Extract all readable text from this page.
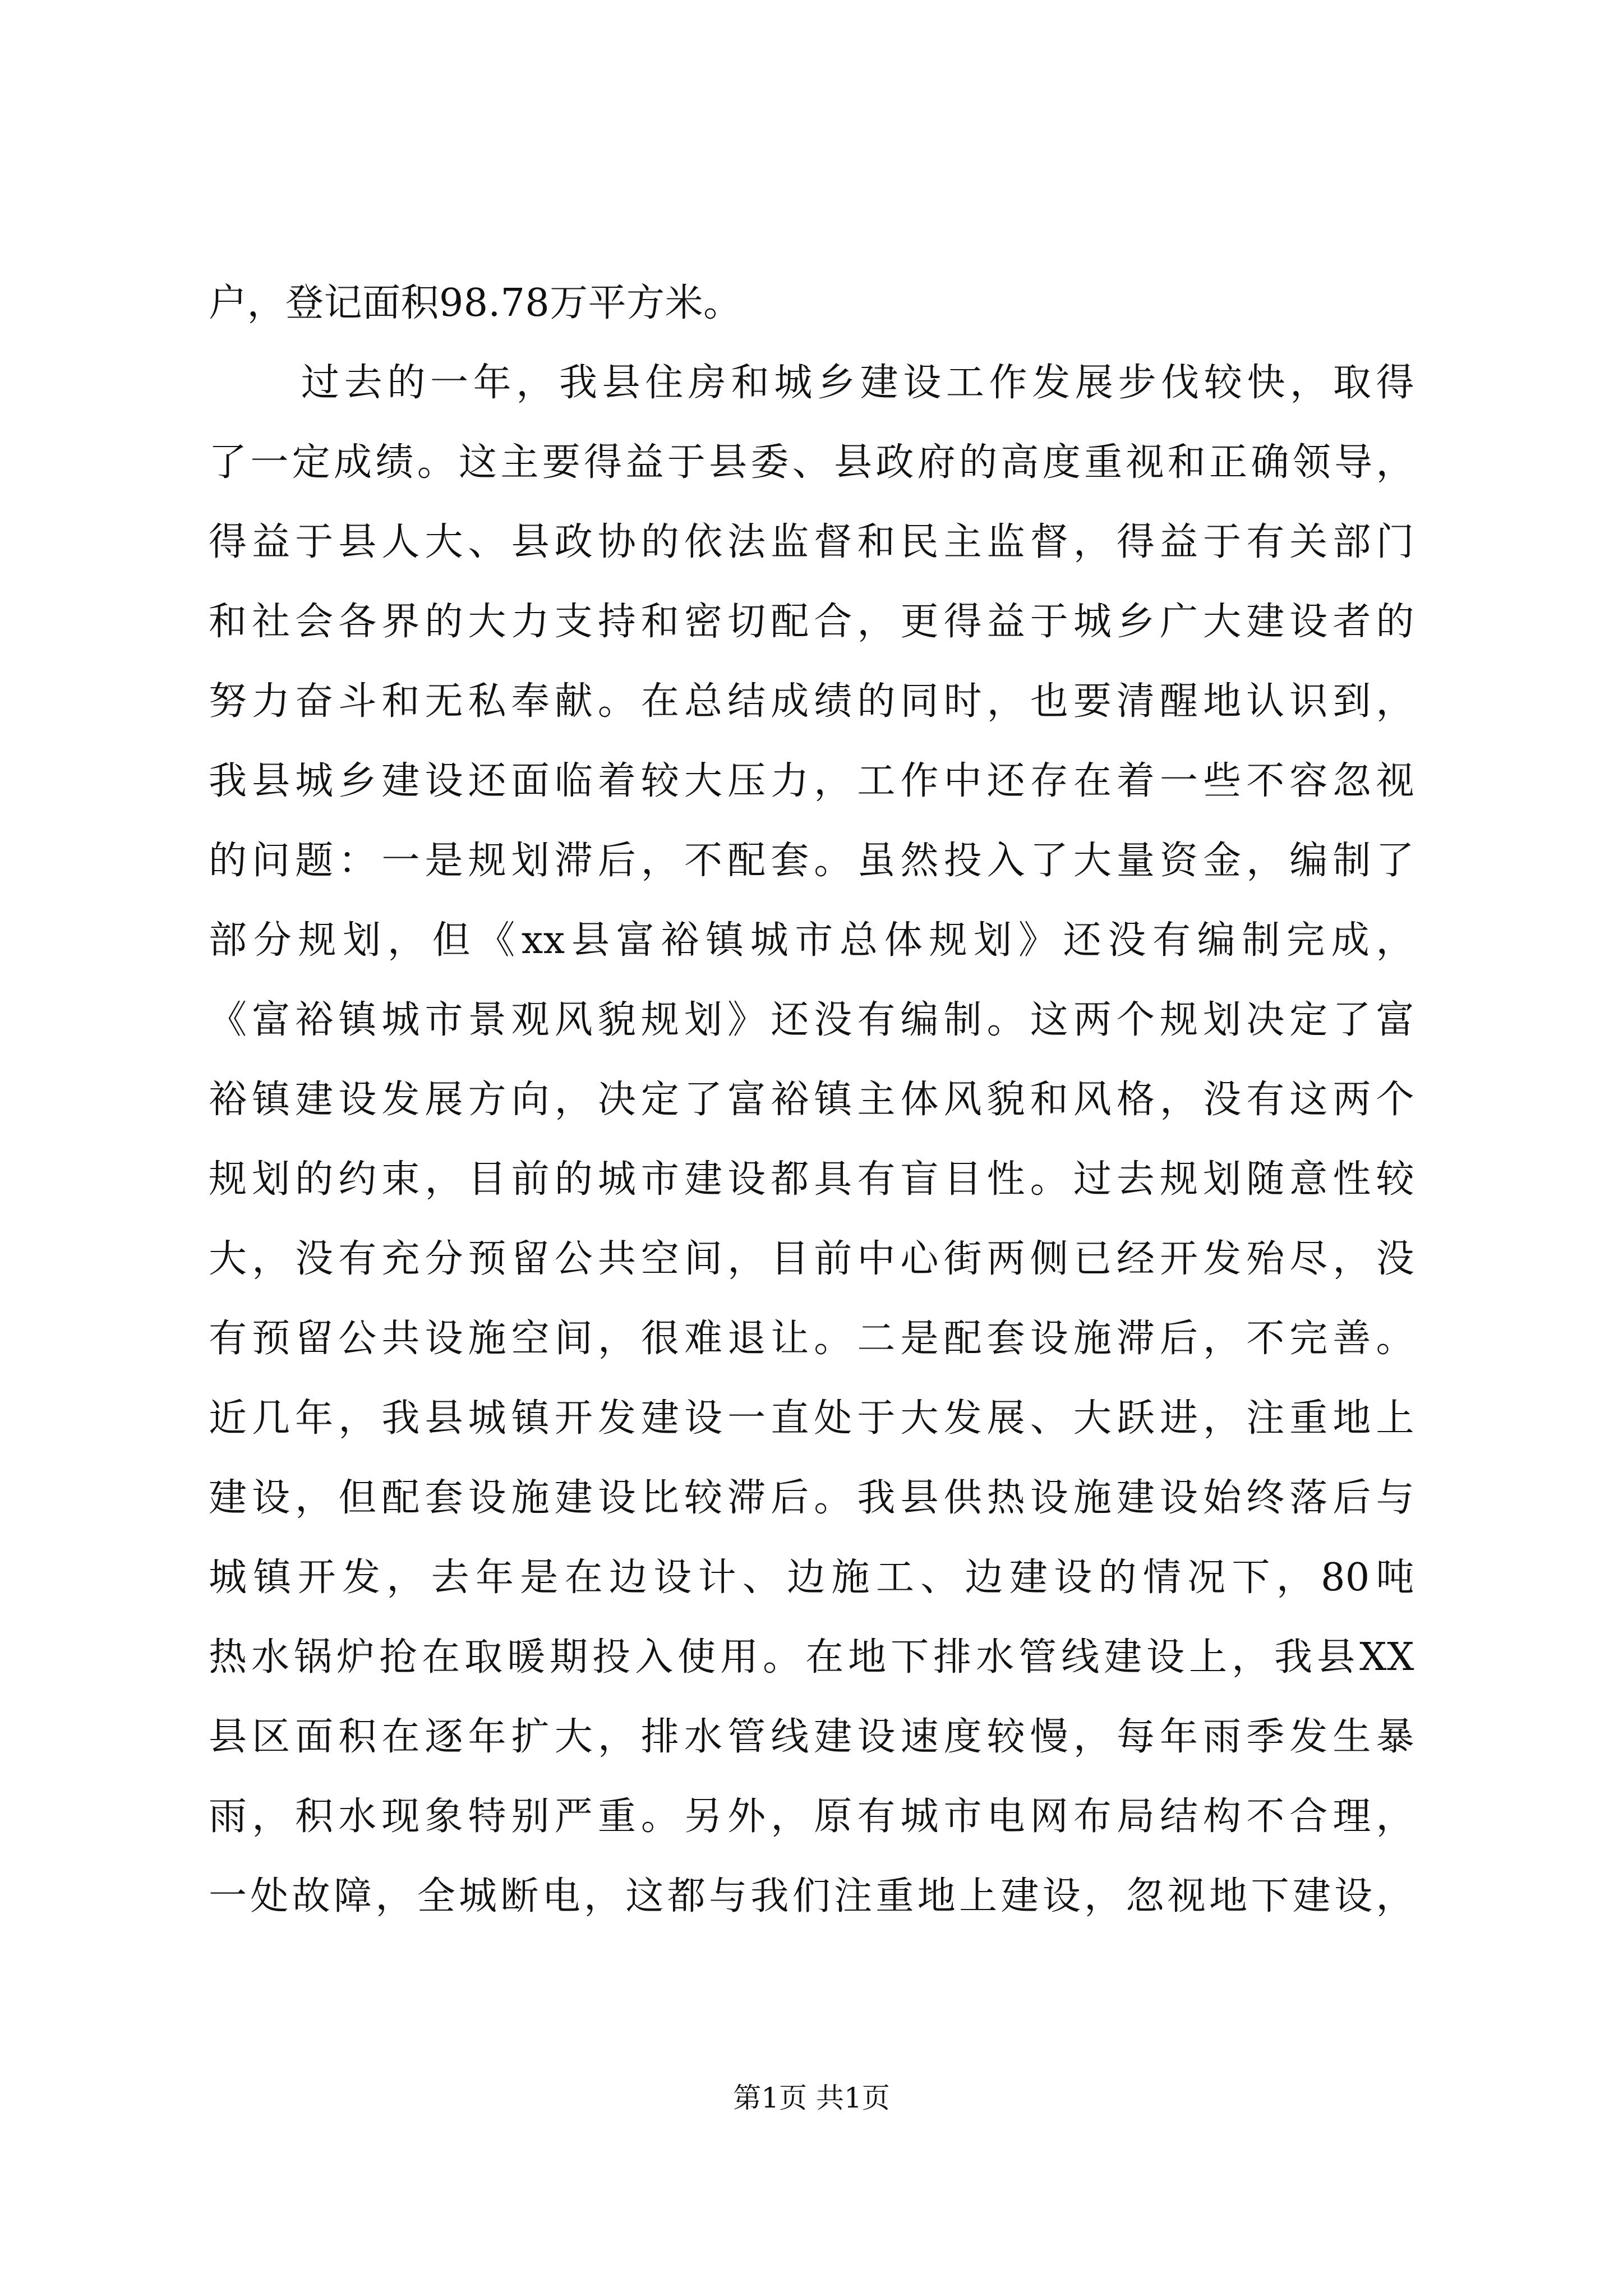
户，登记面积98.78万平方米。
过去的一年，我县住房和城乡建设工作发展步伐较快，取得
了一定成绩。这主要得益于县委、县政府的高度重视和正确领导，
得益于县人大、县政协的依法监督和民主监督，得益于有关部门
和社会各界的大力支持和密切配合，更得益于城乡广大建设者的
努力奋斗和无私奉献。在总结成绩的同时，也要清醒地认识到，
我县城乡建设还面临着较大压力，工作中还存在着一些不容忽视
的问题：一是规划滞后，不配套。虽然投入了大量资金，编制了
部分规划，但《xx县富裕镇城市总体规划》还没有编制完成，
《富裕镇城市景观风貌规划》还没有编制。这两个规划决定了富
裕镇建设发展方向，决定了富裕镇主体风貌和风格，没有这两个
规划的约束，目前的城市建设都具有盲目性。过去规划随意性较
大，没有充分预留公共空间，目前中心街两侧已经开发殆尽，没
有预留公共设施空间，很难退让。二是配套设施滞后，不完善。
近几年，我县城镇开发建设一直处于大发展、大跃进，注重地上
建设，但配套设施建设比较滞后。我县供热设施建设始终落后与
城镇开发，去年是在边设计、边施工、边建设的情况下，80吨
热水锅炉抢在取暖期投入使用。在地下排水管线建设上，我县XX
县区面积在逐年扩大，排水管线建设速度较慢，每年雨季发生暴
雨，积水现象特别严重。另外，原有城市电网布局结构不合理，
一处故障，全城断电，这都与我们注重地上建设，忽视地下建设，
第1页 共1页
